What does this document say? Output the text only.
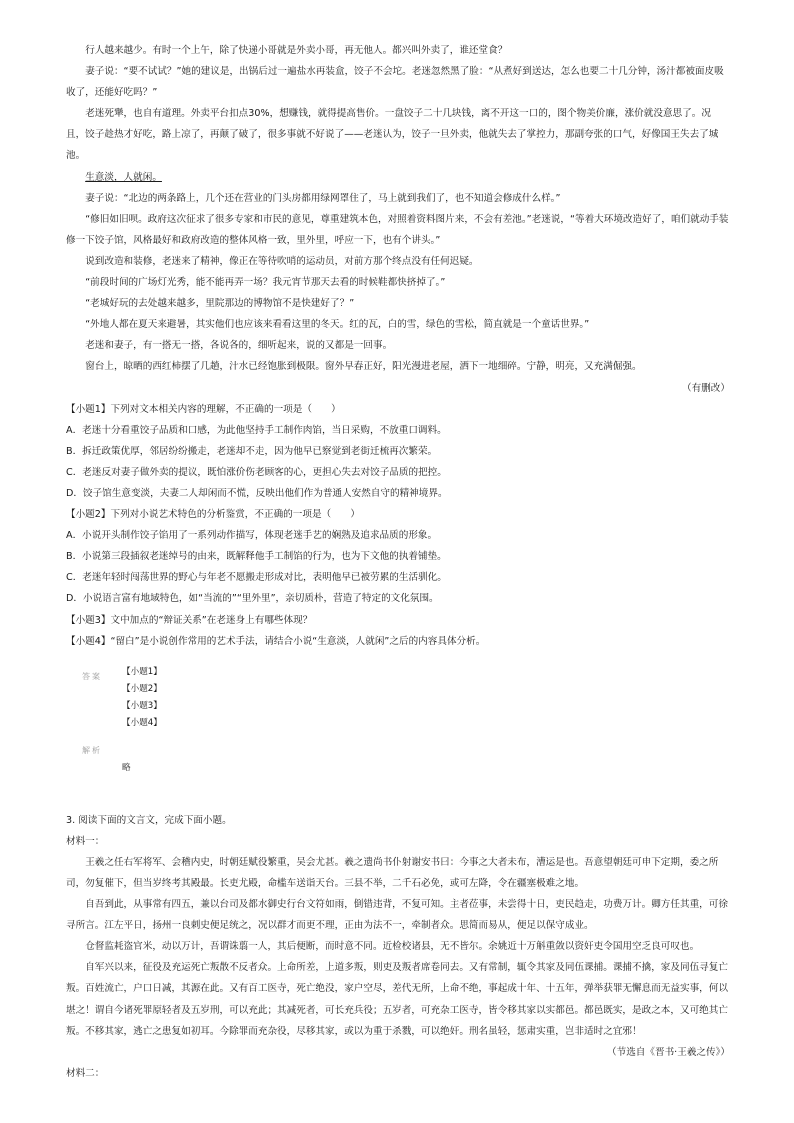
行人越来越少。有时一个上午，除了快递小哥就是外卖小哥，再无他人。都兴叫外卖了，谁还堂食？

妻子说：“要不试试？”她的建议是，出锅后过一遍盐水再装盒，饺子不会坨。老迷忽然黑了脸：“从煮好到送达，怎么也要二十几分钟，汤汁都被面皮吸收了，还能好吃吗？”

老迷死犟，也自有道理。外卖平台扣点30%，想赚钱，就得提高售价。一盘饺子二十几块钱，离不开这一口的，图个物美价廉，涨价就没意思了。况且，饺子趁热才好吃，路上凉了，再颠了破了，很多事就不好说了——老迷认为，饺子一旦外卖，他就失去了掌控力，那副夸张的口气，好像国王失去了城池。

生意淡，人就闲。

妻子说：“北边的两条路上，几个还在营业的门头房都用绿网罩住了，马上就到我们了，也不知道会修成什么样。”

“修旧如旧呗。政府这次征求了很多专家和市民的意见，尊重建筑本色，对照着资料图片来，不会有差池。”老迷说，“等着大环境改造好了，咱们就动手装修一下饺子馆，风格最好和政府改造的整体风格一致，里外里，呼应一下，也有个讲头。”

说到改造和装修，老迷来了精神，像正在等待吹哨的运动员，对前方那个终点没有任何迟疑。

“前段时间的广场灯光秀，能不能再弄一场？我元宵节那天去看的时候鞋都快挤掉了。”

“老城好玩的去处越来越多，里院那边的博物馆不是快建好了？”

“外地人都在夏天来避暑，其实他们也应该来看看这里的冬天。红的瓦，白的雪，绿色的雪松，简直就是一个童话世界。”

老迷和妻子，有一搭无一搭，各说各的，细听起来，说的又都是一回事。

窗台上，晾晒的西红柿摆了几趟，汁水已经饱胀到极限。窗外早春正好，阳光漫进老屋，洒下一地细碎。宁静，明亮，又充满倔强。

（有删改）

【小题1】下列对文本相关内容的理解，不正确的一项是（　　）

A．老迷十分看重饺子品质和口感，为此他坚持手工制作肉馅，当日采购，不放重口调料。

B．拆迁政策优厚，邻居纷纷搬走，老迷却不走，因为他早已察觉到老街迁梳再次繁荣。

C．老迷反对妻子做外卖的提议，既怕涨价伤老顾客的心，更担心失去对饺子品质的把控。

D．饺子馆生意变淡，夫妻二人却闲而不慌，反映出他们作为普通人安然自守的精神境界。

【小题2】下列对小说艺术特色的分析鉴赏，不正确的一项是（　　）

A．小说开头制作饺子馅用了一系列动作描写，体现老迷手艺的娴熟及追求品质的形象。

B．小说第三段插叙老迷绰号的由来，既解释他手工制馅的行为，也为下文他的执着铺垫。

C．老迷年轻时闯荡世界的野心与年老不愿搬走形成对比，表明他早已被劳累的生活驯化。

D．小说语言富有地域特色，如“当流的”“里外里”，亲切质朴，营造了特定的文化氛围。

【小题3】文中加点的“辩证关系”在老迷身上有哪些体现？

【小题4】“留白”是小说创作常用的艺术手法，请结合小说“生意淡，人就闲”之后的内容具体分析。

答案 【小题1】
【小题2】
【小题3】
【小题4】
解析
略

3. 阅读下面的文言文，完成下面小题。

材料一：

王羲之任右军将军、会稽内史，时朝廷赋役繁重，吴会尤甚。羲之遗尚书仆射谢安书曰：今事之大者未布，漕运是也。吾意望朝廷可申下定期，委之所司，勿复催下，但当岁终考其殿最。长吏尤殿，命槛车送诣天台。三县不举，二千石必免，或可左降，令在疆塞极难之地。

自吾到此，从事常有四五，兼以台司及都水御史行台文符如雨，倒错违背，不复可知。主者莅事，未尝得十日，吏民趋走，功费万计。卿方任其重，可徐寻所言。江左平日，扬州一良刺史便足统之，况以群才而更不理，正由为法不一，牵制者众。思简而易从，便足以保守成业。

仓督监耗盗官米，动以万计，吾谓诛翦一人，其后便断，而时意不同。近检校诸县，无不皆尔。余姚近十万斛重敛以资奸吏令国用空乏良可叹也。

自军兴以来，征役及充运死亡叛散不反者众。上命所差，上道多叛，则吏及叛者席卷同去。又有常制，辄令其家及同伍课捕。课捕不擒，家及同伍寻复亡叛。百姓流亡，户口日减，其源在此。又有百工医寺，死亡绝没，家户空尽，差代无所，上命不绝，事起成十年、十五年，弹举获罪无懈息而无益实事，何以堪之！谓自今诸死罪原轻者及五岁刑，可以充此；其减死者，可长充兵役；五岁者，可充杂工医寺，皆令移其家以实都邑。都邑既实，是政之本，又可绝其亡叛。不移其家，逃亡之患复如初耳。今除罪而充杂役，尽移其家，或以为重于杀戮，可以绝奸。刑名虽轻，惩肃实重，岂非适时之宜邪！

（节选自《晋书·王羲之传》）

材料二：
